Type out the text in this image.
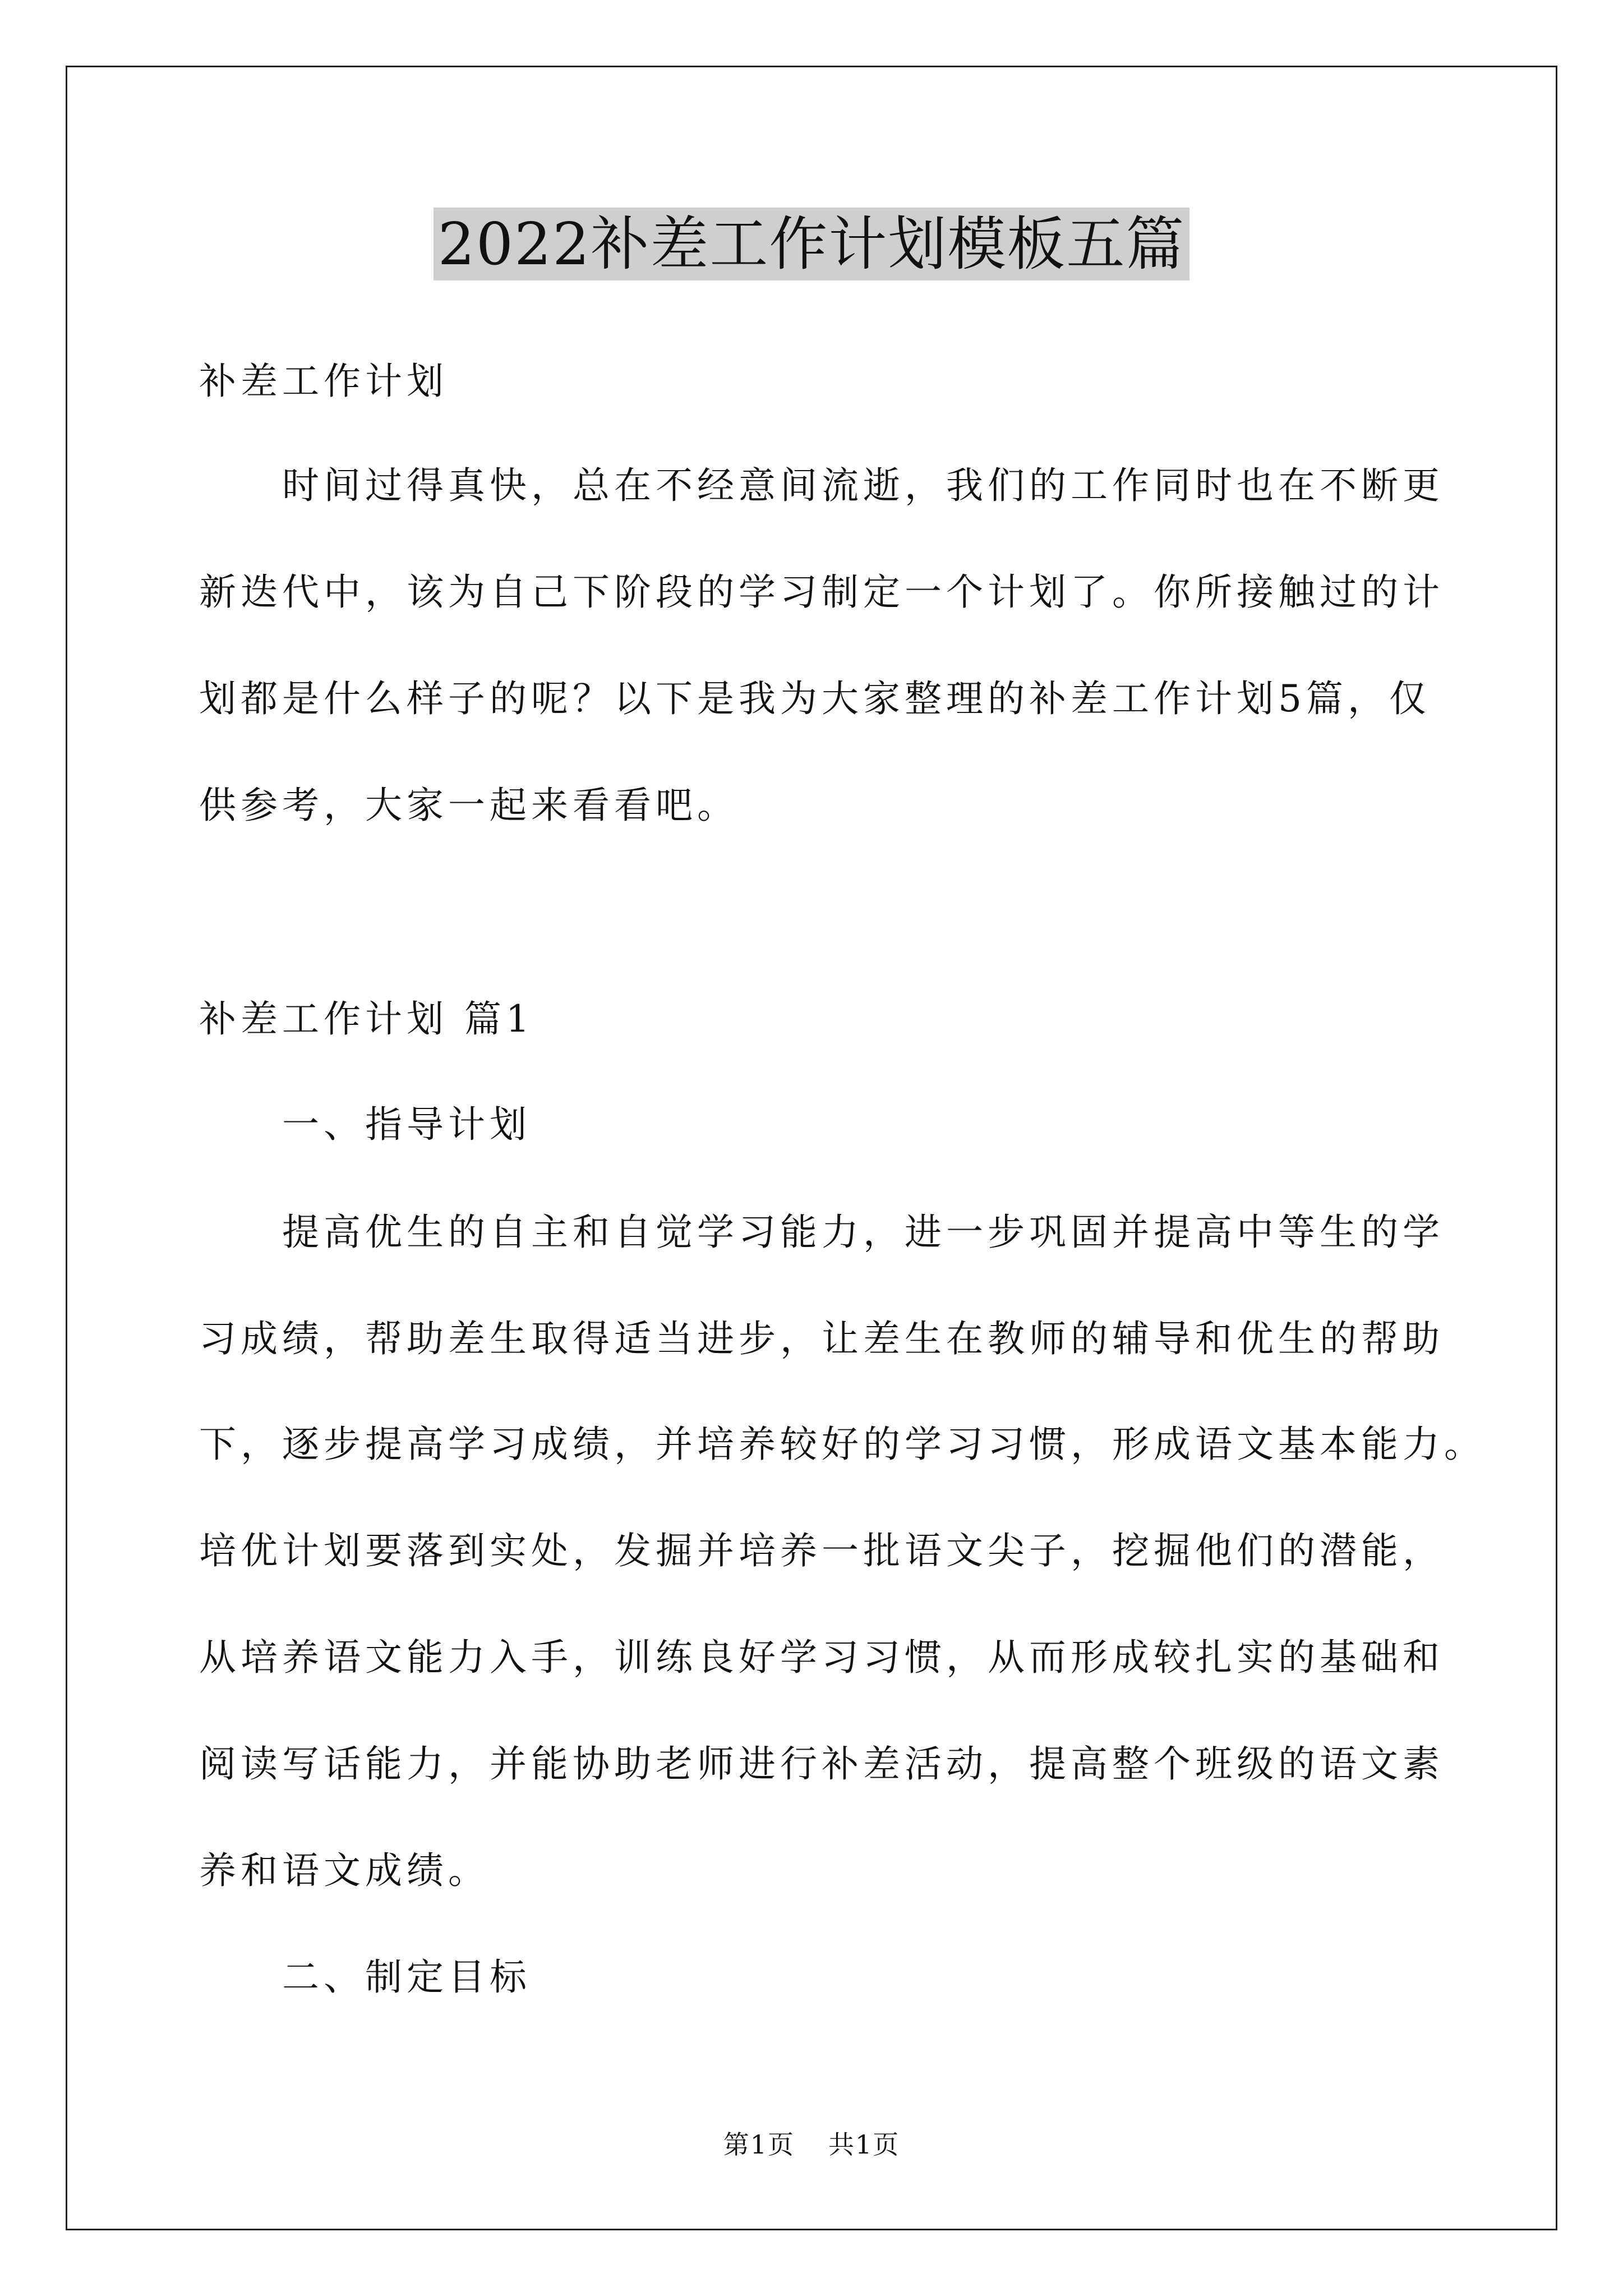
2022补差工作计划模板五篇
补差工作计划
时间过得真快，总在不经意间流逝，我们的工作同时也在不断更
新迭代中，该为自己下阶段的学习制定一个计划了。你所接触过的计
划都是什么样子的呢？以下是我为大家整理的补差工作计划5篇，仅
供参考，大家一起来看看吧。
补差工作计划 篇1
一、指导计划
提高优生的自主和自觉学习能力，进一步巩固并提高中等生的学
习成绩，帮助差生取得适当进步，让差生在教师的辅导和优生的帮助
下，逐步提高学习成绩，并培养较好的学习习惯，形成语文基本能力。
培优计划要落到实处，发掘并培养一批语文尖子，挖掘他们的潜能，
从培养语文能力入手，训练良好学习习惯，从而形成较扎实的基础和
阅读写话能力，并能协助老师进行补差活动，提高整个班级的语文素
养和语文成绩。
二、制定目标
第1页 共1页
